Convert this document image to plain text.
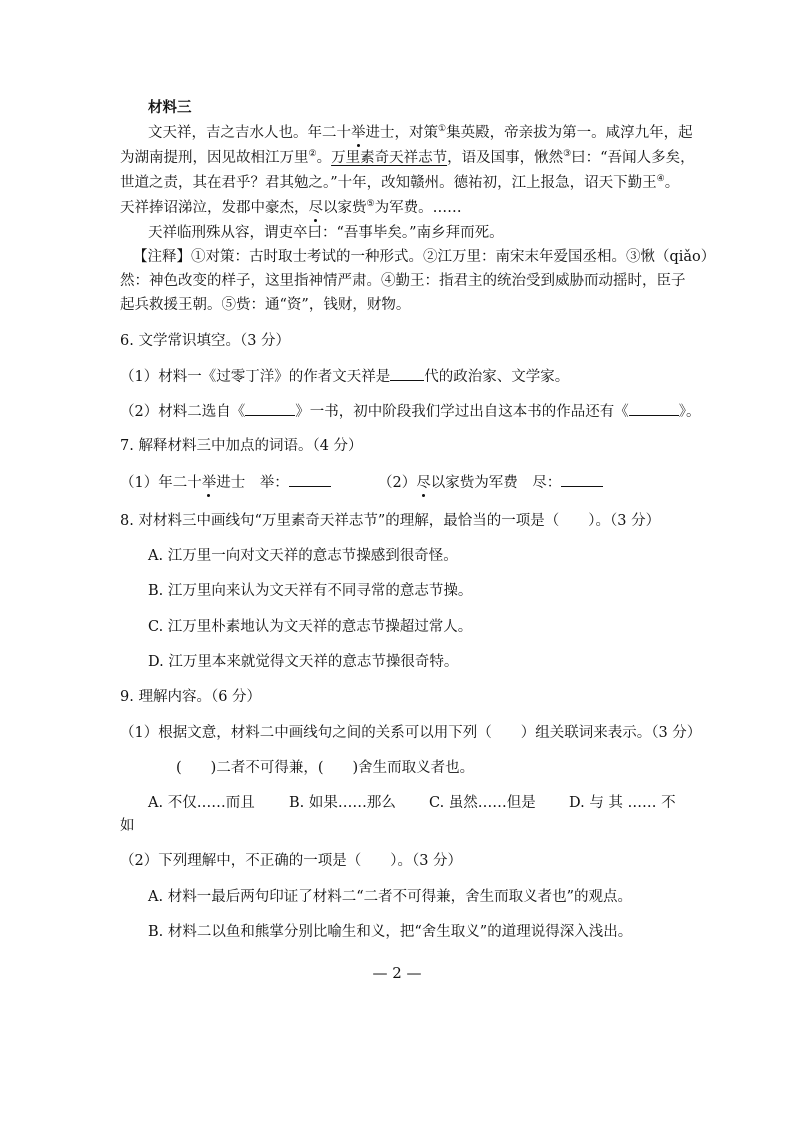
材料三
文天祥，吉之吉水人也。年二十举进士，对策①集英殿，帝亲拔为第一。咸淳九年，起
为湖南提刑，因见故相江万里②。万里素奇天祥志节，语及国事，愀然③曰：“吾闻人多矣，
世道之责，其在君乎？君其勉之。”十年，改知赣州。德祐初，江上报急，诏天下勤王④。
天祥捧诏涕泣，发郡中豪杰，尽以家赀⑤为军费。……
天祥临刑殊从容，谓吏卒曰：“吾事毕矣。”南乡拜而死。
【注释】①对策：古时取士考试的一种形式。②江万里：南宋末年爱国丞相。③愀（qiǎo）
然：神色改变的样子，这里指神情严肃。④勤王：指君主的统治受到威胁而动摇时，臣子
起兵救援王朝。⑤赀：通“资”，钱财，财物。
6. 文学常识填空。（3 分）
（1）材料一《过零丁洋》的作者文天祥是 代的政治家、文学家。
（2）材料二选自《	》一书，初中阶段我们学过出自这本书的作品还有《	》。
7. 解释材料三中加点的词语。（4 分）
（1）年二十举进士　举：	（2）尽以家赀为军费　尽：
8. 对材料三中画线句“万里素奇天祥志节”的理解，最恰当的一项是（　　）。（3 分）
A. 江万里一向对文天祥的意志节操感到很奇怪。
B. 江万里向来认为文天祥有不同寻常的意志节操。
C. 江万里朴素地认为文天祥的意志节操超过常人。
D. 江万里本来就觉得文天祥的意志节操很奇特。
9. 理解内容。（6 分）
（1）根据文意，材料二中画线句之间的关系可以用下列（　　）组关联词来表示。（3 分）
(　　)二者不可得兼，(　　)舍生而取义者也。
A. 不仅……而且 B. 如果……那么 C. 虽然……但是 D. 与 其 …… 不
如
（2）下列理解中，不正确的一项是（　　）。（3 分）
A. 材料一最后两句印证了材料二“二者不可得兼，舍生而取义者也”的观点。
B. 材料二以鱼和熊掌分别比喻生和义，把“舍生取义”的道理说得深入浅出。
— 2 —
